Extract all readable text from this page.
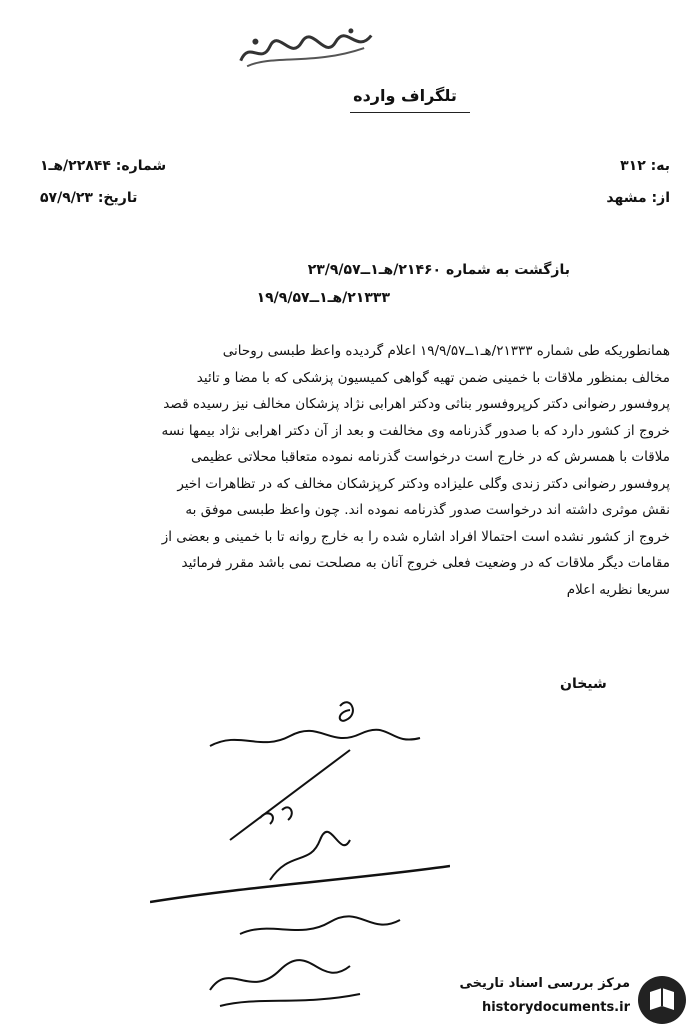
تلگراف وارده
شماره: ۲۲۸۴۴/هـ۱
تاریخ: ۵۷/۹/۲۳
به: ۳۱۲
از: مشهد
بازگشت به شماره ۲۱۴۶۰/هـ۱ــ۲۳/۹/۵۷
۲۱۳۳۳/هـ۱ــ۱۹/۹/۵۷
همانطوریکه طی شماره ۲۱۳۳۳/هـ۱ــ۱۹/۹/۵۷ اعلام گردیده واعظ طبسی روحانی
مخالف بمنظور ملاقات با خمینی ضمن تهیه گواهی کمیسیون پزشکی که با مضا و تائید
پروفسور رضوانی دکتر کرپروفسور بناثی ودکتر اهرابی نژاد پزشکان مخالف نیز رسیده قصد
خروج از کشور دارد که با صدور گذرنامه وی مخالفت و بعد از آن دکتر اهرابی نژاد بیمها نسه
ملاقات با همسرش که در خارج است درخواست گذرنامه نموده متعاقبا محلاتی عظیمی
پروفسور رضوانی دکتر زندی وگلی علیزاده ودکتر کرپزشکان مخالف که در تظاهرات اخیر
نقش موثری داشته اند درخواست صدور گذرنامه نموده اند. چون واعظ طبسی موفق به
خروج از کشور نشده است احتمالا افراد اشاره شده را به خارج روانه تا با خمینی و بعضی از
مقامات دیگر ملاقات که در وضعیت فعلی خروج آنان به مصلحت نمی باشد مقرر فرمائید
سریعا نظریه اعلام
شیخان
مرکز بررسی اسناد تاریخی
historydocuments.ir
